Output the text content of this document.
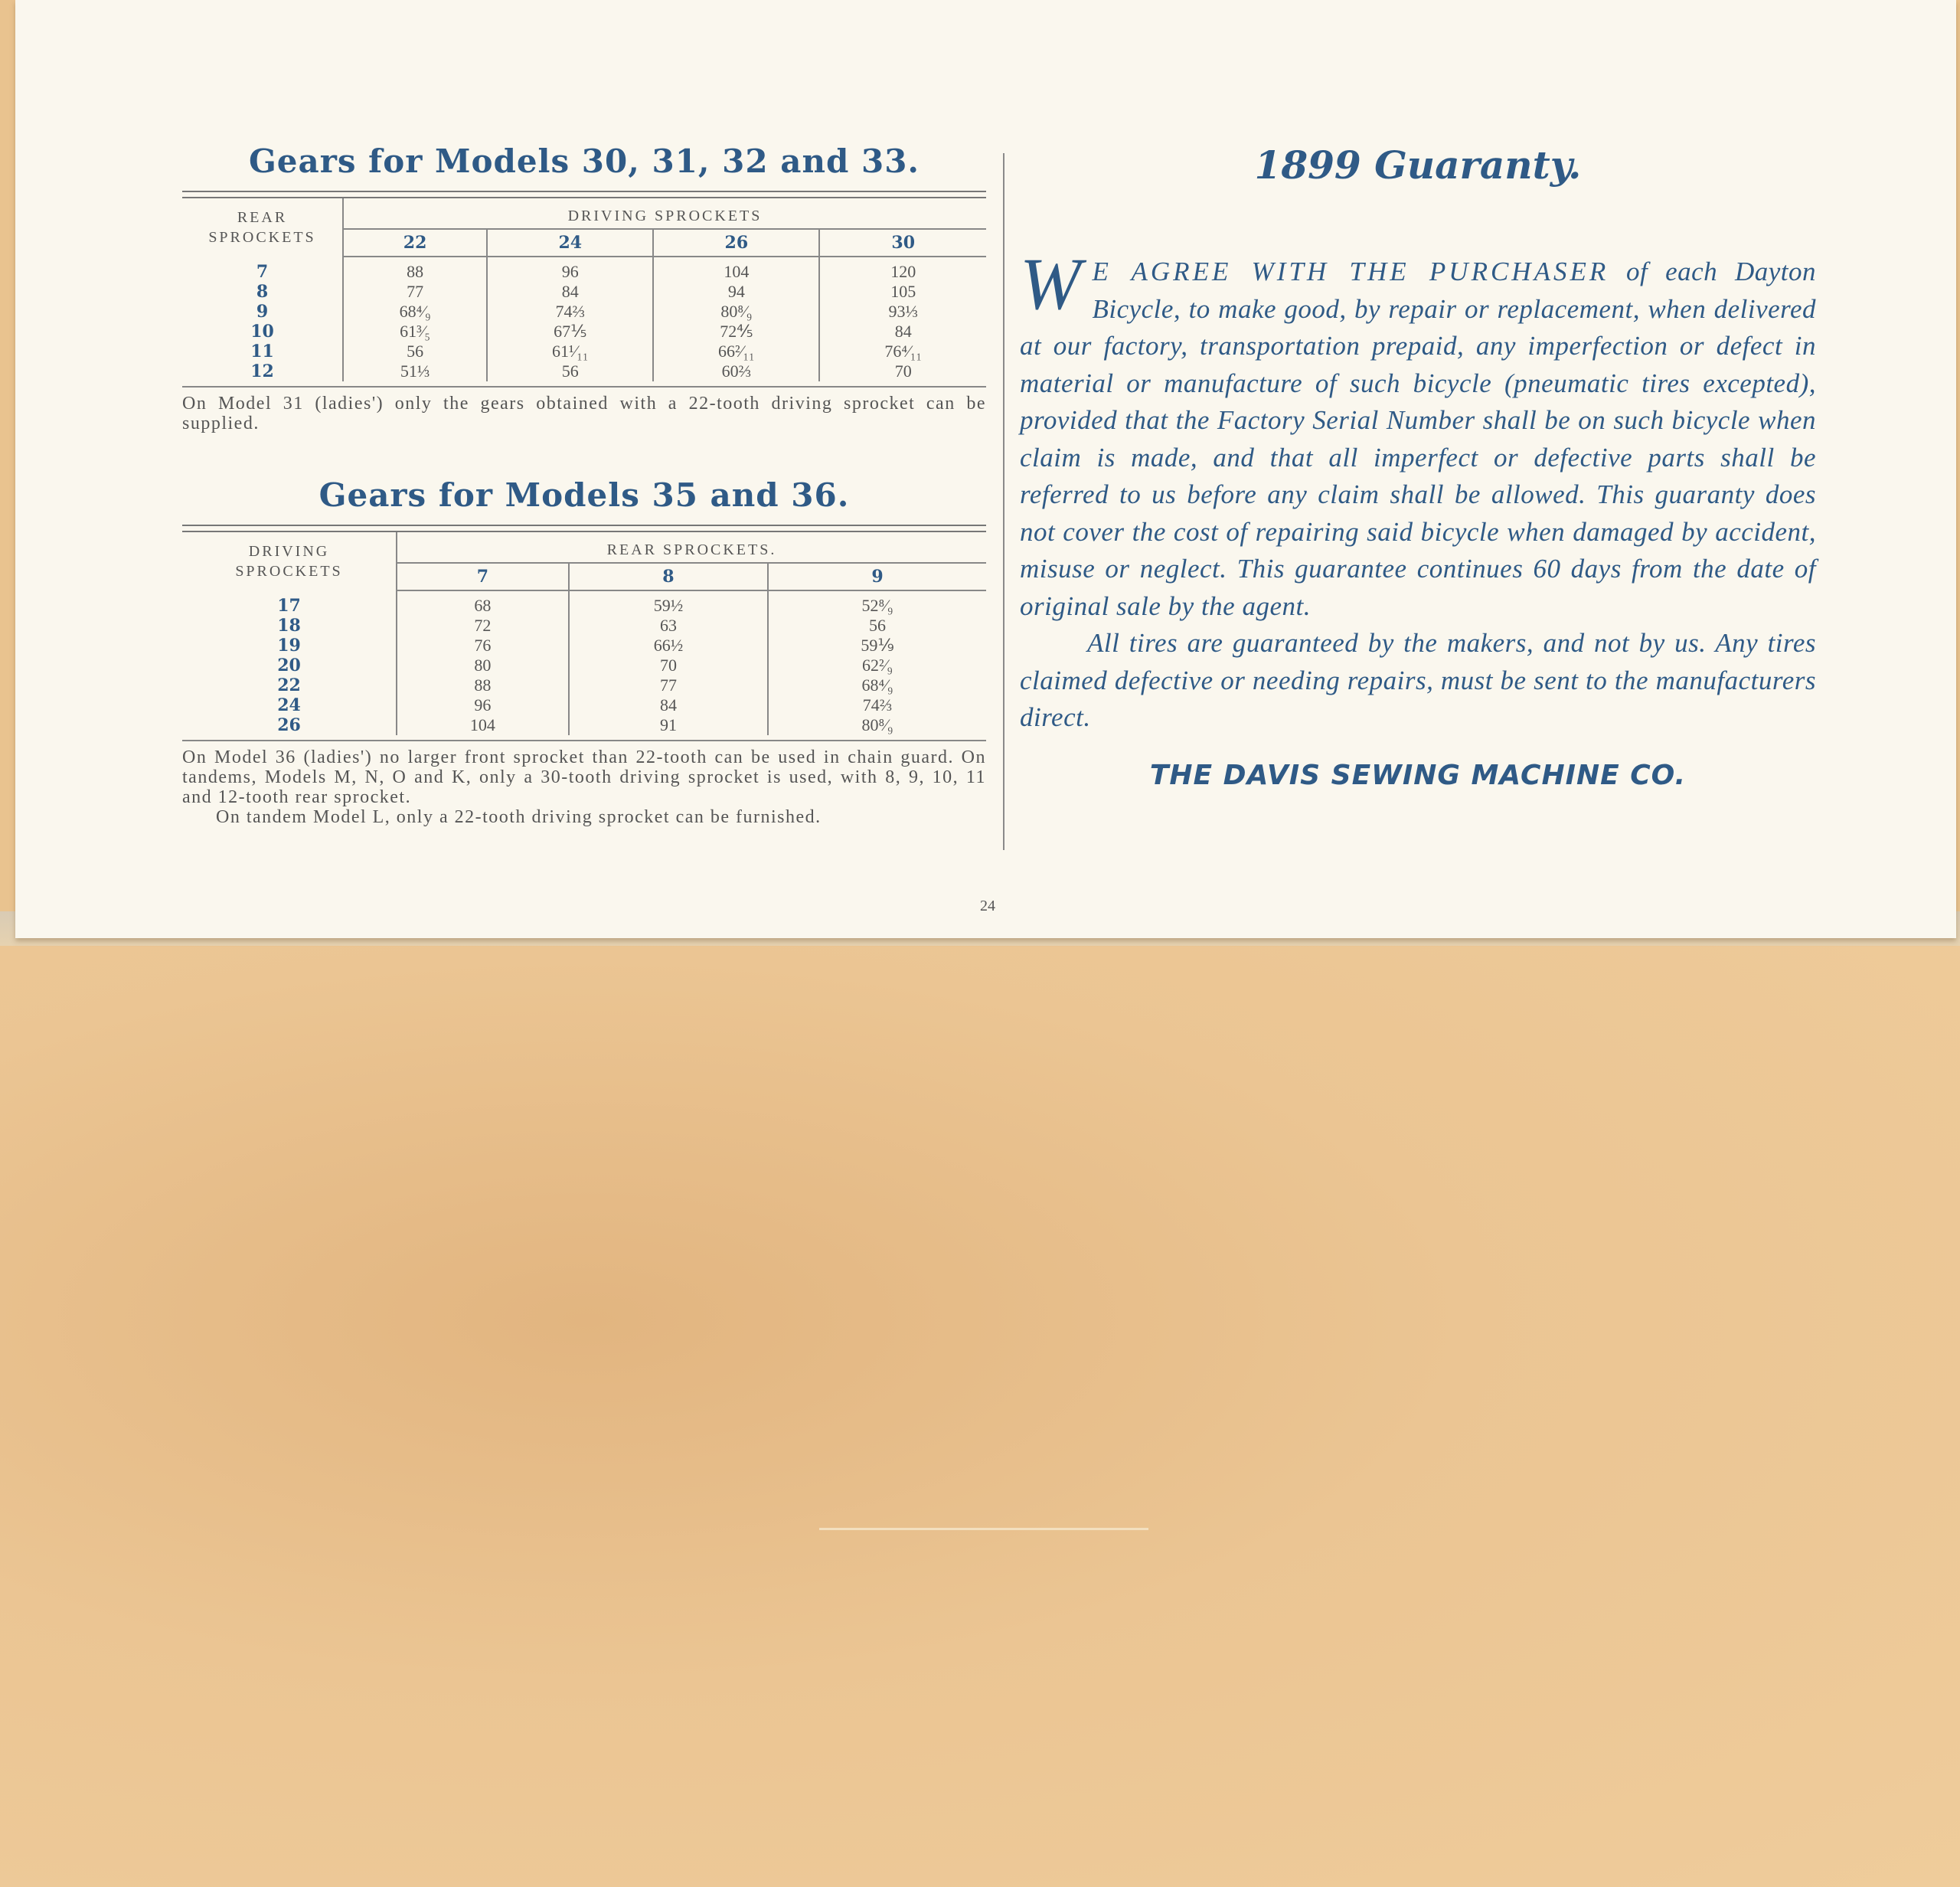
Gears for Models 30, 31, 32 and 33.
REAR
SPROCKETS	DRIVING SPROCKETS			
	22	24	26	30
7	88	96	104	120
8	77	84	94	105
9	68⁴⁄₉	74⅔	80⁸⁄₉	93⅓
10	61³⁄₅	67⅕	72⅘	84
11	56	61¹⁄₁₁	66²⁄₁₁	76⁴⁄₁₁
12	51⅓	56	60⅔	70

On Model 31 (ladies') only the gears obtained with a 22-tooth driving sprocket can be supplied.

Gears for Models 35 and 36.
DRIVING
SPROCKETS	REAR SPROCKETS.		
	7	8	9
17	68	59½	52⁸⁄₉
18	72	63	56
19	76	66½	59⅑
20	80	70	62²⁄₉
22	88	77	68⁴⁄₉
24	96	84	74⅔
26	104	91	80⁸⁄₉

On Model 36 (ladies') no larger front sprocket than 22-tooth can be used in chain guard. On tandems, Models M, N, O and K, only a 30-tooth driving sprocket is used, with 8, 9, 10, 11 and 12-tooth rear sprocket.

On tandem Model L, only a 22-tooth driving sprocket can be furnished.

1899 Guaranty.

W E AGREE WITH THE PURCHASER of each Dayton Bicycle, to make good, by repair or replacement, when delivered at our factory, transportation prepaid, any imperfection or defect in material or manufacture of such bicycle (pneumatic tires excepted), provided that the Factory Serial Number shall be on such bicycle when claim is made, and that all imperfect or defective parts shall be referred to us before any claim shall be allowed. This guaranty does not cover the cost of repairing said bicycle when damaged by accident, misuse or neglect. This guarantee continues 60 days from the date of original sale by the agent.

All tires are guaranteed by the makers, and not by us. Any tires claimed defective or needing repairs, must be sent to the manufacturers direct.

THE DAVIS SEWING MACHINE CO.

24
